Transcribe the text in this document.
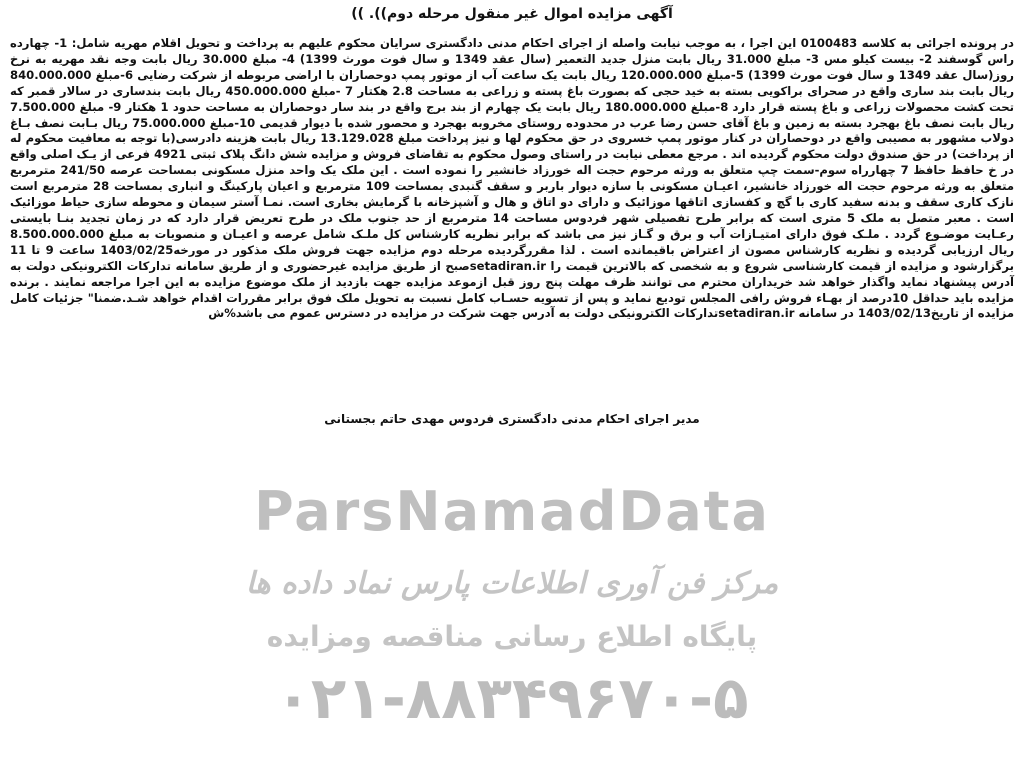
آگهی مزایده اموال غیر منقول مرحله دوم)). ))

در پرونده اجرائی به کلاسه 0100483 این اجرا ، به موجب نیابت واصله از اجرای احکام مدنی دادگستری سرایان محکوم علیهم به پرداخت و تحویل اقلام مهریه شامل: 1- چهارده راس گوسفند 2- بیست کیلو مس 3- مبلغ 31.000 ریال بابت منزل جدید التعمیر (سال عقد 1349 و سال فوت مورث 1399) 4- مبلغ 30.000 ریال بابت وجه نقد مهریه به نرخ روز(سال عقد 1349 و سال فوت مورث 1399) 5-مبلغ 120.000.000 ریال بابت یک ساعت آب از موتور پمپ دوحصاران با اراضی مربوطه از شرکت رضایی 6-مبلغ 840.000.000 ریال بابت بند ساری واقع در صحرای براکویی بسته به خید حجی که بصورت باغ پسته و زراعی به مساحت 2.8 هکتار 7 -مبلغ 450.000.000 ریال بابت بندساری در سالار قمبر که تحت کشت محصولات زراعی و باغ پسته قرار دارد 8-مبلغ 180.000.000 ریال بابت یک چهارم از بند برج واقع در بند سار دوحصاران به مساحت حدود 1 هکتار 9- مبلغ 7.500.000 ریال بابت نصف باغ بهجرد بسته به زمین و باغ آقای حسن رضا عرب در محدوده روستای مخروبه بهجرد و محصور شده با دیوار قدیمی 10-مبلغ 75.000.000 ریال بـابت نصف بـاغ دولاب مشهور به مصیبی واقع در دوحصاران در کنار موتور پمپ خسروی در حق محکوم لها و نیز پرداخت مبلغ 13.129.028 ریال بابت هزینه دادرسی(با توجه به معافیت محکوم له از پرداخت) در حق صندوق دولت محکوم گردیده اند . مرجع معطی نیابت در راستای وصول محکوم به تقاضای فروش و مزایده شش دانگ پلاک ثبتی 4921 فرعی از یـک اصلی واقع در خ حافظ حافظ 7 چهارراه سوم-سمت چپ متعلق به ورثه مرحوم حجت اله خورزاد خانشیر را نموده است . این ملک یک واحد منزل مسکونی بمساحت عرصه 241/50 مترمربع متعلق به ورثه مرحوم حجت اله خورزاد خانشیر، اعیـان مسکونی با سازه دیوار باربر و سقف گنبدی بمساحت 109 مترمربع و اعیان پارکینگ و انباری بمساحت 28 مترمربع است نازک کاری سقف و بدنه سفید کاری با گچ و کفسازی اتاقها موزائیک و دارای دو اتاق و هال و آشپزخانه با گرمایش بخاری است. نمـا آستر سیمان و محوطه سازی حیاط موزائیک است . معبر متصل به ملک 5 متری است که برابر طرح تفصیلی شهر فردوس مساحت 14 مترمربع از حد جنوب ملک در طرح تعریض قرار دارد که در زمان تجدید بنـا بایستی رعـایت موضـوع گردد . ملـک فوق دارای امتیـازات آب و برق و گـاز نیز می باشد که برابر نظریه کارشناس کل ملـک شامل عرصه و اعیـان و منصوبات به مبلغ 8.500.000.000 ریال ارزیابی گردیده و نظریه کارشناس مصون از اعتراض باقیمانده است . لذا مقررگردیده مرحله دوم مزایده جهت فروش ملک مذکور در مورخه1403/02/25 ساعت 9 تا 11 برگزارشود و مزایده از قیمت کارشناسی شروع و به شخصی که بالاترین قیمت را setadiran.irصبح از طریق مزایده غیرحضوری و از طریق سامانه تدارکات الکترونیکی دولت به آدرس پیشنهاد نماید واگذار خواهد شد خریداران محترم می توانند ظرف مهلت پنج روز قبل ازموعد مزایده جهت بازدید از ملک موضوع مزایده به این اجرا مراجعه نمایند . برنده مزایده باید حداقل 10درصد از بهـاء فروش رافی المجلس تودیع نماید و پس از تسویه حسـاب کامل نسبت به تحویل ملک فوق برابر مقررات اقدام خواهد شـد.ضمنا" جزئیات کامل مزایده از تاریخ1403/02/13 در سامانه setadiran.irتدارکات الکترونیکی دولت به آدرس جهت شرکت در مزایده در دسترس عموم می باشد%ش

مدیر اجرای احکام مدنی دادگستری فردوس مهدی حاتم بجستانی

ParsNamadData
مرکز فن آوری اطلاعات پارس نماد داده ها
پایگاه اطلاع رسانی مناقصه ومزایده
۰۲۱-۸۸۳۴۹۶۷۰-۵
